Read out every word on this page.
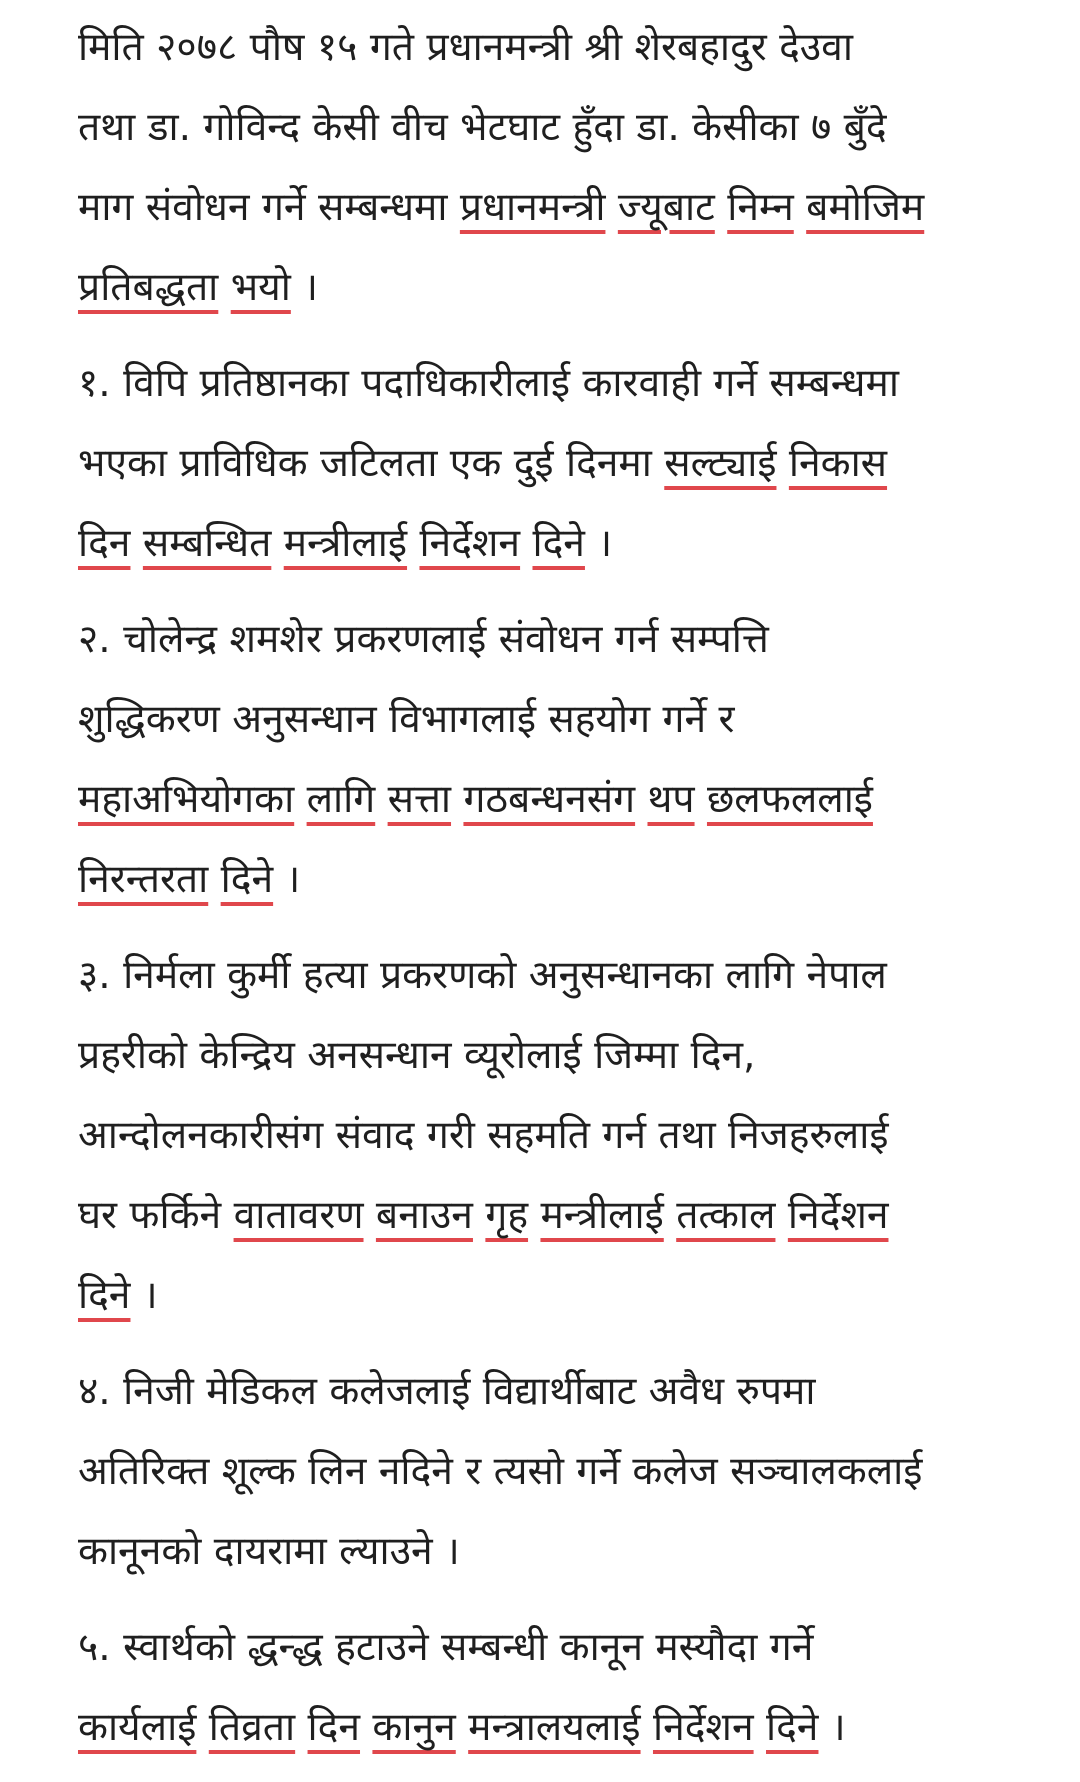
मिति २०७८ पौष १५ गते प्रधानमन्त्री श्री शेरबहादुर देउवा
तथा डा. गोविन्द केसी वीच भेटघाट हुँदा डा. केसीका ७ बुँदे
माग संवोधन गर्ने सम्बन्धमा प्रधानमन्त्री ज्यूबाट निम्न बमोजिम
प्रतिबद्धता भयो ।
१. विपि प्रतिष्ठानका पदाधिकारीलाई कारवाही गर्ने सम्बन्धमा
भएका प्राविधिक जटिलता एक दुई दिनमा सल्ट्याई निकास
दिन सम्बन्धित मन्त्रीलाई निर्देशन दिने ।
२. चोलेन्द्र शमशेर प्रकरणलाई संवोधन गर्न सम्पत्ति
शुद्धिकरण अनुसन्धान विभागलाई सहयोग गर्ने र
महाअभियोगका लागि सत्ता गठबन्धनसंग थप छलफललाई
निरन्तरता दिने ।
३. निर्मला कुर्मी हत्या प्रकरणको अनुसन्धानका लागि नेपाल
प्रहरीको केन्द्रिय अनसन्धान व्यूरोलाई जिम्मा दिन,
आन्दोलनकारीसंग संवाद गरी सहमति गर्न तथा निजहरुलाई
घर फर्किने वातावरण बनाउन गृह मन्त्रीलाई तत्काल निर्देशन
दिने ।
४. निजी मेडिकल कलेजलाई विद्यार्थीबाट अवैध रुपमा
अतिरिक्त शूल्क लिन नदिने र त्यसो गर्ने कलेज सञ्चालकलाई
कानूनको दायरामा ल्याउने ।
५. स्वार्थको द्धन्द्ध हटाउने सम्बन्धी कानून मस्यौदा गर्ने
कार्यलाई तिव्रता दिन कानुन मन्त्रालयलाई निर्देशन दिने ।
